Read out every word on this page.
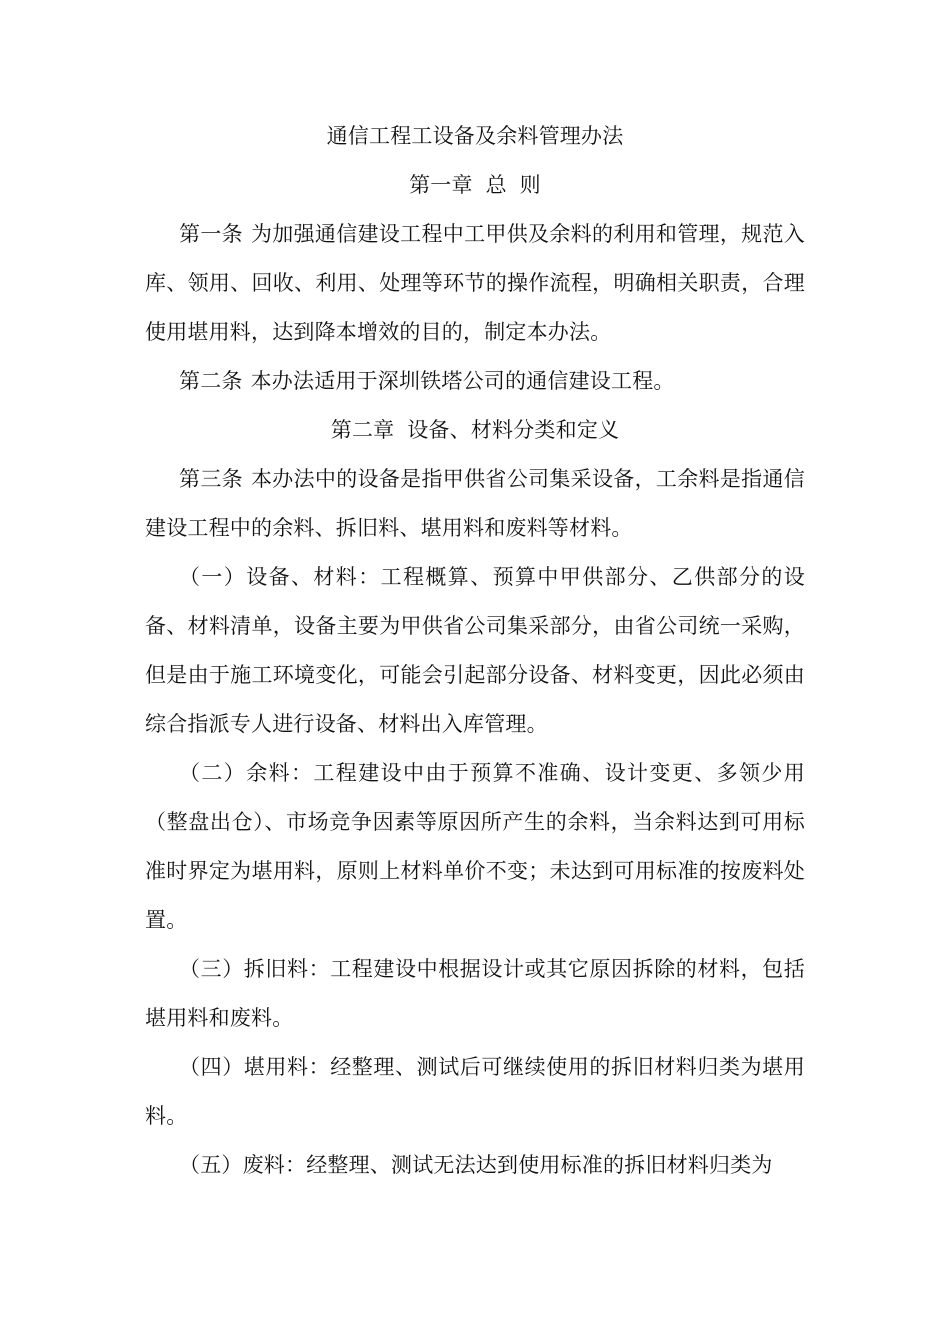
通信工程工设备及余料管理办法
第一章 总 则

第一条 为加强通信建设工程中工甲供及余料的利用和管理，规范入库、领用、回收、利用、处理等环节的操作流程，明确相关职责，合理使用堪用料，达到降本增效的目的，制定本办法。

第二条 本办法适用于深圳铁塔公司的通信建设工程。

第二章 设备、材料分类和定义

第三条 本办法中的设备是指甲供省公司集采设备，工余料是指通信建设工程中的余料、拆旧料、堪用料和废料等材料。

（一）设备、材料：工程概算、预算中甲供部分、乙供部分的设备、材料清单，设备主要为甲供省公司集采部分，由省公司统一采购，但是由于施工环境变化，可能会引起部分设备、材料变更，因此必须由综合指派专人进行设备、材料出入库管理。

（二）余料：工程建设中由于预算不准确、设计变更、多领少用（整盘出仓）、市场竞争因素等原因所产生的余料，当余料达到可用标准时界定为堪用料，原则上材料单价不变；未达到可用标准的按废料处置。

（三）拆旧料：工程建设中根据设计或其它原因拆除的材料，包括堪用料和废料。

（四）堪用料：经整理、测试后可继续使用的拆旧材料归类为堪用料。

（五）废料：经整理、测试无法达到使用标准的拆旧材料归类为
